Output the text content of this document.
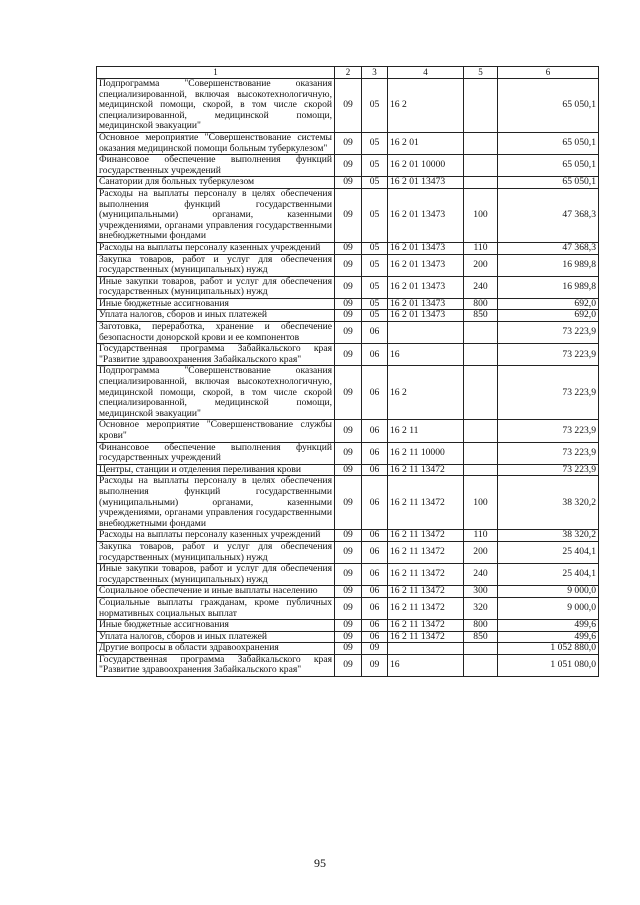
1	2	3	4	5	6
Подпрограмма "Совершенствование оказания специализированной, включая высокотехнологичную, медицинской помощи, скорой, в том числе скорой специализированной, медицинской помощи, медицинской эвакуации"	09	05	16 2		65 050,1
Основное мероприятие "Совершенствование системы оказания медицинской помощи больным туберкулезом"	09	05	16 2 01		65 050,1
Финансовое обеспечение выполнения функций государственных учреждений	09	05	16 2 01 10000		65 050,1
Санатории для больных туберкулезом	09	05	16 2 01 13473		65 050,1
Расходы на выплаты персоналу в целях обеспечения выполнения функций государственными (муниципальными) органами, казенными учреждениями, органами управления государственными внебюджетными фондами	09	05	16 2 01 13473	100	47 368,3
Расходы на выплаты персоналу казенных учреждений	09	05	16 2 01 13473	110	47 368,3
Закупка товаров, работ и услуг для обеспечения государственных (муниципальных) нужд	09	05	16 2 01 13473	200	16 989,8
Иные закупки товаров, работ и услуг для обеспечения государственных (муниципальных) нужд	09	05	16 2 01 13473	240	16 989,8
Иные бюджетные ассигнования	09	05	16 2 01 13473	800	692,0
Уплата налогов, сборов и иных платежей	09	05	16 2 01 13473	850	692,0
Заготовка, переработка, хранение и обеспечение безопасности донорской крови и ее компонентов	09	06			73 223,9
Государственная программа Забайкальского края "Развитие здравоохранения Забайкальского края"	09	06	16		73 223,9
Подпрограмма "Совершенствование оказания специализированной, включая высокотехнологичную, медицинской помощи, скорой, в том числе скорой специализированной, медицинской помощи, медицинской эвакуации"	09	06	16 2		73 223,9
Основное мероприятие "Совершенствование службы крови"	09	06	16 2 11		73 223,9
Финансовое обеспечение выполнения функций государственных учреждений	09	06	16 2 11 10000		73 223,9
Центры, станции и отделения переливания крови	09	06	16 2 11 13472		73 223,9
Расходы на выплаты персоналу в целях обеспечения выполнения функций государственными (муниципальными) органами, казенными учреждениями, органами управления государственными внебюджетными фондами	09	06	16 2 11 13472	100	38 320,2
Расходы на выплаты персоналу казенных учреждений	09	06	16 2 11 13472	110	38 320,2
Закупка товаров, работ и услуг для обеспечения государственных (муниципальных) нужд	09	06	16 2 11 13472	200	25 404,1
Иные закупки товаров, работ и услуг для обеспечения государственных (муниципальных) нужд	09	06	16 2 11 13472	240	25 404,1
Социальное обеспечение и иные выплаты населению	09	06	16 2 11 13472	300	9 000,0
Социальные выплаты гражданам, кроме публичных нормативных социальных выплат	09	06	16 2 11 13472	320	9 000,0
Иные бюджетные ассигнования	09	06	16 2 11 13472	800	499,6
Уплата налогов, сборов и иных платежей	09	06	16 2 11 13472	850	499,6
Другие вопросы в области здравоохранения	09	09			1 052 880,0
Государственная программа Забайкальского края "Развитие здравоохранения Забайкальского края"	09	09	16		1 051 080,0
95
